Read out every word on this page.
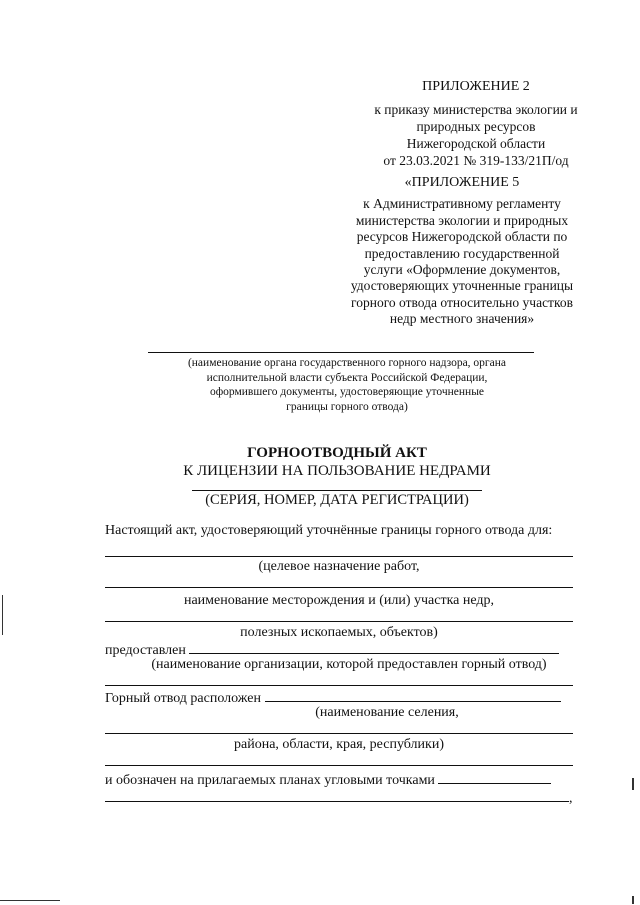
ПРИЛОЖЕНИЕ 2
к приказу министерства экологии и
природных ресурсов
Нижегородской области
от 23.03.2021 № 319-133/21П/од
«ПРИЛОЖЕНИЕ 5
к Административному регламенту
министерства экологии и природных
ресурсов Нижегородской области по
предоставлению государственной
услуги «Оформление документов,
удостоверяющих уточненные границы
горного отвода относительно участков
недр местного значения»
(наименование органа государственного горного надзора, органа
исполнительной власти субъекта Российской Федерации,
оформившего документы, удостоверяющие уточненные
границы горного отвода)
ГОРНООТВОДНЫЙ АКТ
К ЛИЦЕНЗИИ НА ПОЛЬЗОВАНИЕ НЕДРАМИ
(СЕРИЯ, НОМЕР, ДАТА РЕГИСТРАЦИИ)
Настоящий акт, удостоверяющий уточнённые границы горного отвода для:
(целевое назначение работ,
наименование месторождения и (или) участка недр,
полезных ископаемых, объектов)
предоставлен
(наименование организации, которой предоставлен горный отвод)
Горный отвод расположен
(наименование селения,
района, области, края, республики)
и обозначен на прилагаемых планах угловыми точками
,
